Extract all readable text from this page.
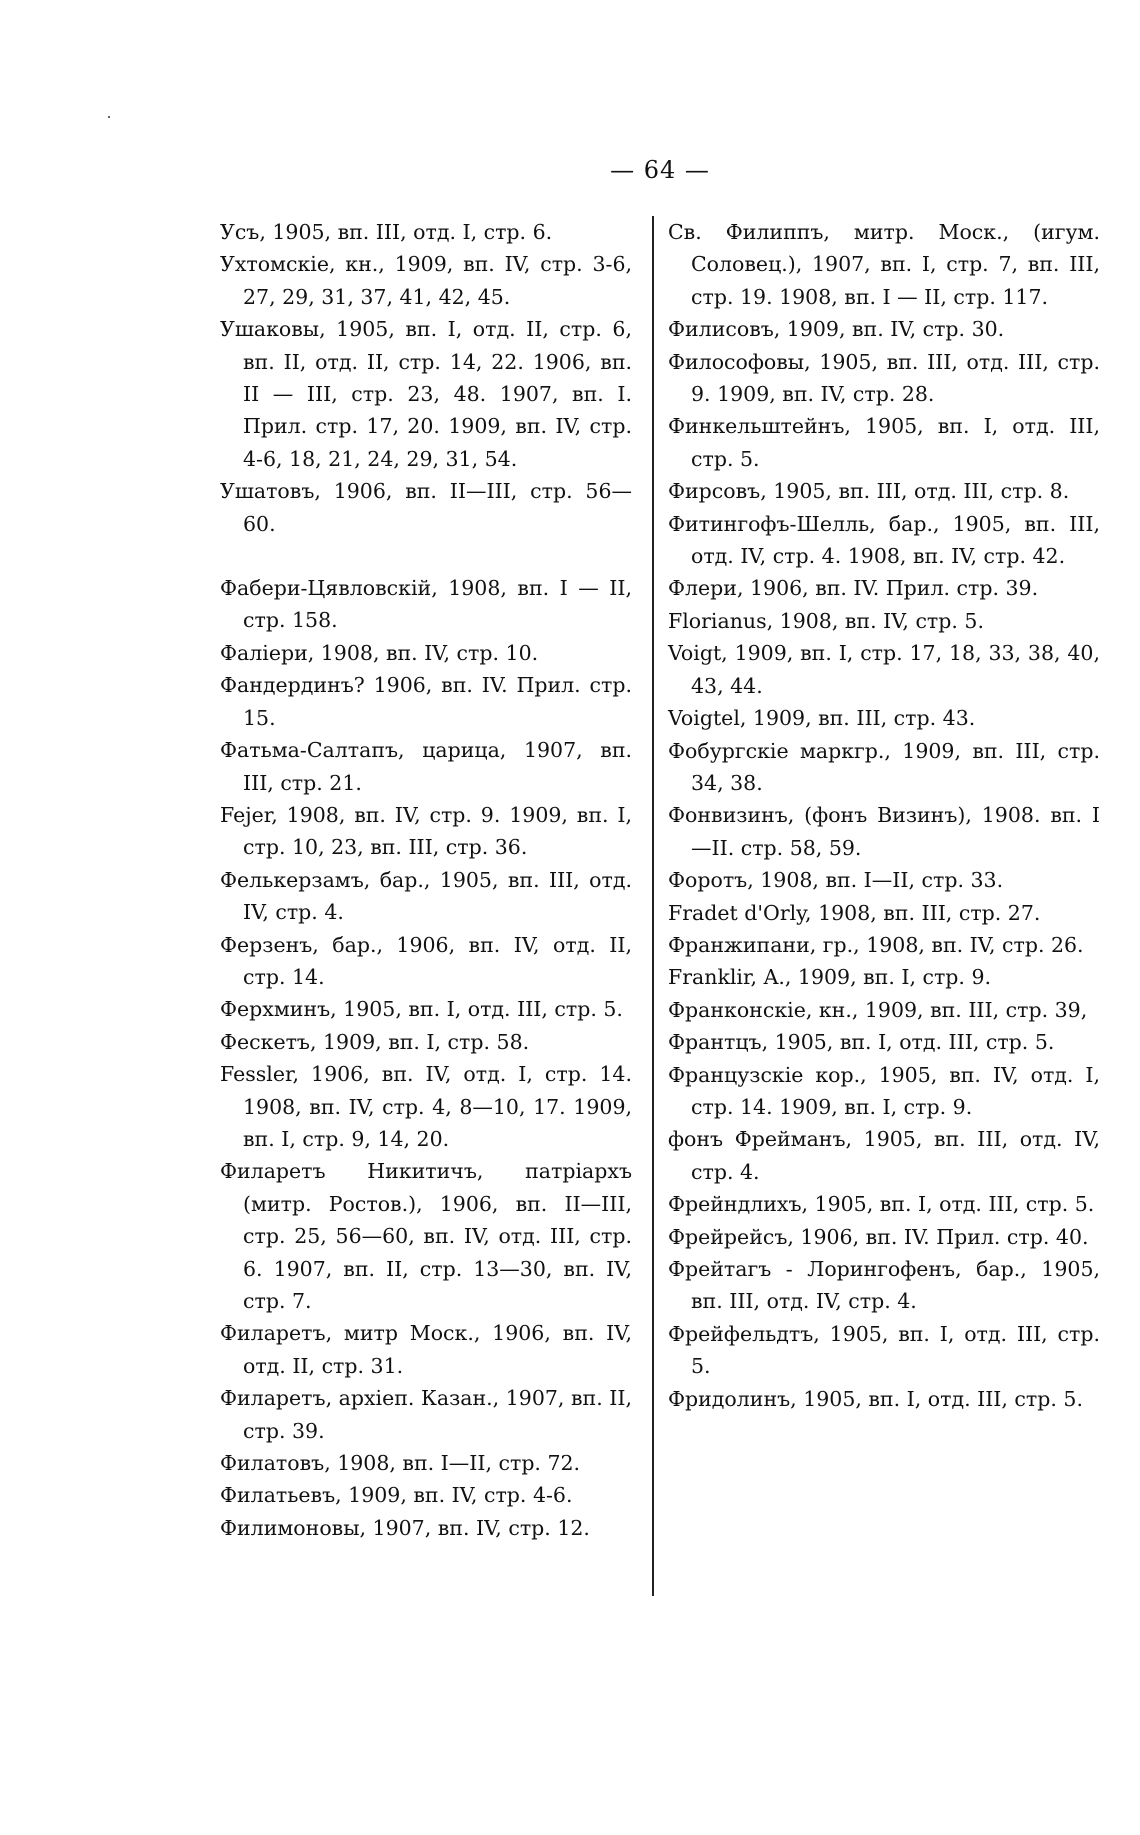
— 64 —
Усъ, 1905, вп. III, отд. I, стр. 6.
Ухтомскіе, кн., 1909, вп. IV, стр. 3-6, 27, 29, 31, 37, 41, 42, 45.
Ушаковы, 1905, вп. I, отд. II, стр. 6, вп. II, отд. II, стр. 14, 22. 1906, вп. II — III, стр. 23, 48. 1907, вп. I. Прил. стр. 17, 20. 1909, вп. IV, стр. 4-6, 18, 21, 24, 29, 31, 54.
Ушатовъ, 1906, вп. II—III, стр. 56—60.
Фабери-Цявловскій, 1908, вп. I — II, стр. 158.
Фаліери, 1908, вп. IV, стр. 10.
Фандердинъ? 1906, вп. IV. Прил. стр. 15.
Фатьма-Салтапъ, царица, 1907, вп. III, стр. 21.
Fejer, 1908, вп. IV, стр. 9. 1909, вп. I, стр. 10, 23, вп. III, стр. 36.
Фелькерзамъ, бар., 1905, вп. III, отд. IV, стр. 4.
Ферзенъ, бар., 1906, вп. IV, отд. II, стр. 14.
Ферхминъ, 1905, вп. I, отд. III, стр. 5.
Фескетъ, 1909, вп. I, стр. 58.
Fessler, 1906, вп. IV, отд. I, стр. 14. 1908, вп. IV, стр. 4, 8—10, 17. 1909, вп. I, стр. 9, 14, 20.
Филаретъ Никитичъ, патріархъ (митр. Ростов.), 1906, вп. II—III, стр. 25, 56—60, вп. IV, отд. III, стр. 6. 1907, вп. II, стр. 13—30, вп. IV, стр. 7.
Филаретъ, митр Моск., 1906, вп. IV, отд. II, стр. 31.
Филаретъ, архіеп. Казан., 1907, вп. II, стр. 39.
Филатовъ, 1908, вп. I—II, стр. 72.
Филатьевъ, 1909, вп. IV, стр. 4-6.
Филимоновы, 1907, вп. IV, стр. 12.
Св. Филиппъ, митр. Моск., (игум. Соловец.), 1907, вп. I, стр. 7, вп. III, стр. 19. 1908, вп. I — II, стр. 117.
Филисовъ, 1909, вп. IV, стр. 30.
Философовы, 1905, вп. III, отд. III, стр. 9. 1909, вп. IV, стр. 28.
Финкельштейнъ, 1905, вп. I, отд. III, стр. 5.
Фирсовъ, 1905, вп. III, отд. III, стр. 8.
Фитингофъ-Шелль, бар., 1905, вп. III, отд. IV, стр. 4. 1908, вп. IV, стр. 42.
Флери, 1906, вп. IV. Прил. стр. 39.
Florianus, 1908, вп. IV, стр. 5.
Voigt, 1909, вп. I, стр. 17, 18, 33, 38, 40, 43, 44.
Voigtel, 1909, вп. III, стр. 43.
Фобургскіе маркгр., 1909, вп. III, стр. 34, 38.
Фонвизинъ, (фонъ Визинъ), 1908. вп. I—II. стр. 58, 59.
Форотъ, 1908, вп. I—II, стр. 33.
Fradet d'Orly, 1908, вп. III, стр. 27.
Франжипани, гр., 1908, вп. IV, стр. 26.
Frankl͏ir, A., 1909, вп. I, стр. 9.
Франконскіе, кн., 1909, вп. III, стр. 39,
Франтцъ, 1905, вп. I, отд. III, стр. 5.
Французскіе кор., 1905, вп. IV, отд. I, стр. 14. 1909, вп. I, стр. 9.
фонъ Фрейманъ, 1905, вп. III, отд. IV, стр. 4.
Фрейндлихъ, 1905, вп. I, отд. III, стр. 5.
Фрейрейсъ, 1906, вп. IV. Прил. стр. 40.
Фрейтагъ - Лорингофенъ, бар., 1905, вп. III, отд. IV, стр. 4.
Фрейфельдтъ, 1905, вп. I, отд. III, стр. 5.
Фридолинъ, 1905, вп. I, отд. III, стр. 5.
